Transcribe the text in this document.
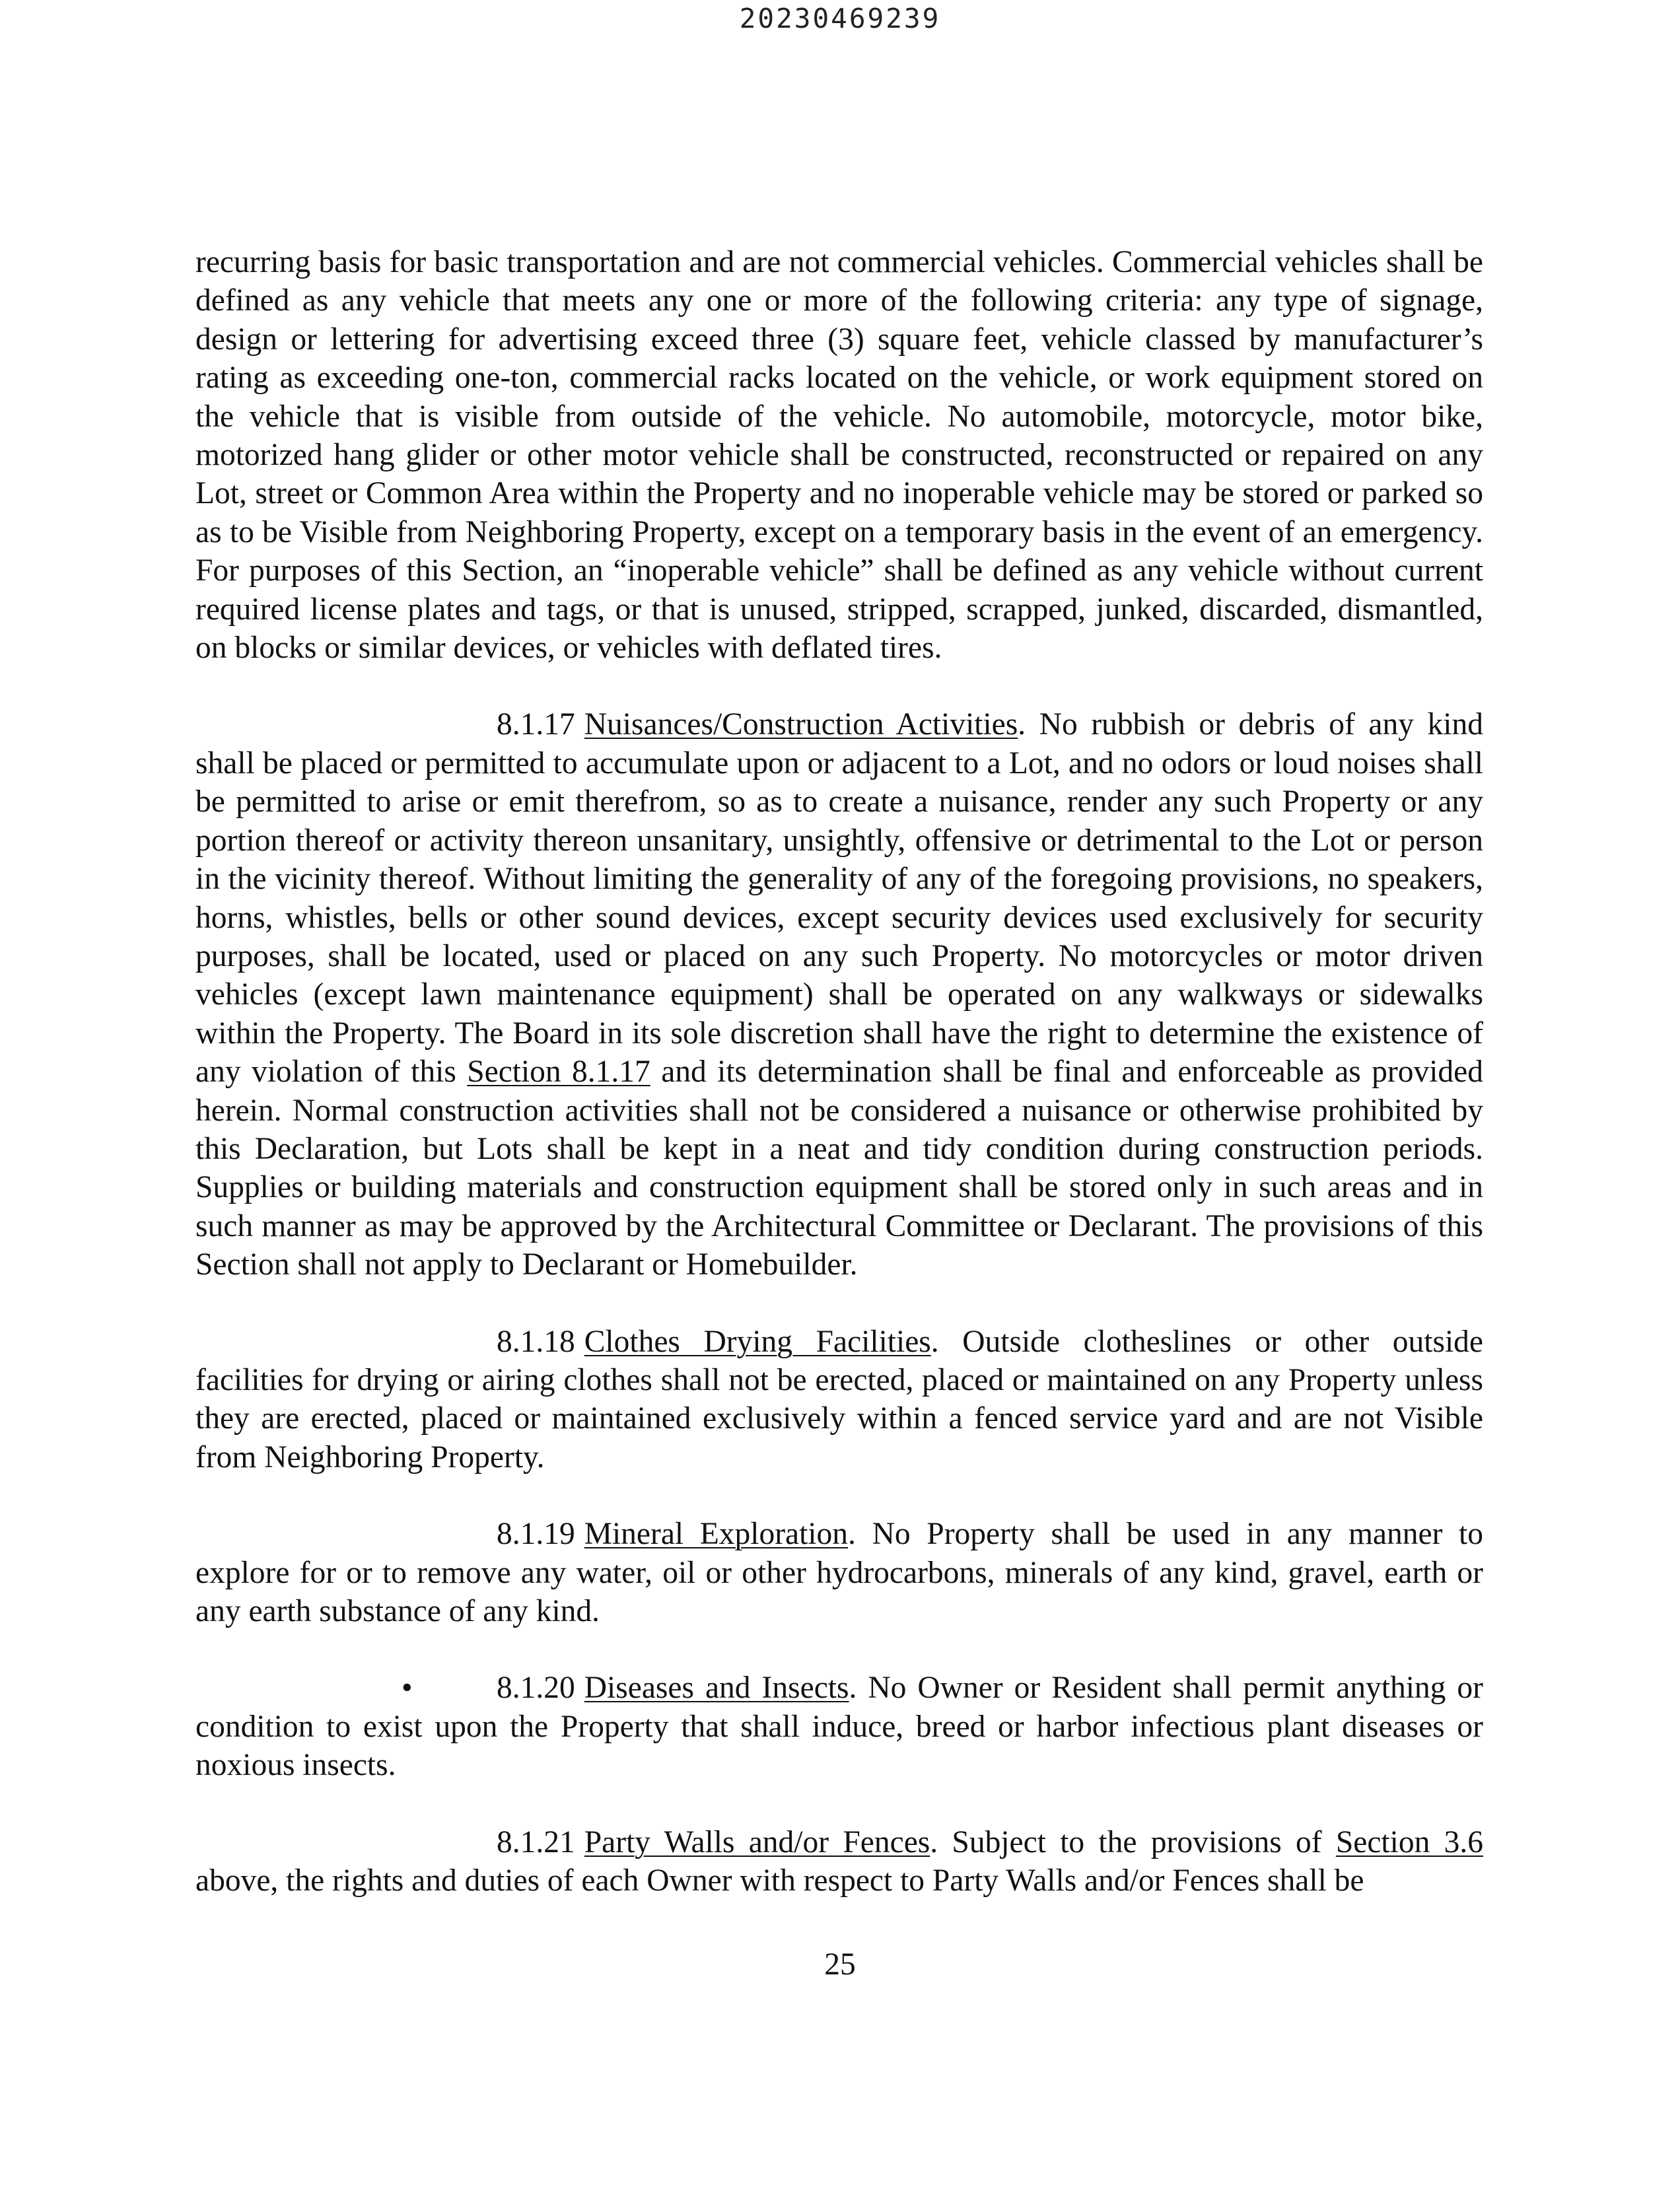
20230469239

recurring basis for basic transportation and are not commercial vehicles. Commercial vehicles shall be defined as any vehicle that meets any one or more of the following criteria: any type of signage, design or lettering for advertising exceed three (3) square feet, vehicle classed by manufacturer’s rating as exceeding one-ton, commercial racks located on the vehicle, or work equipment stored on the vehicle that is visible from outside of the vehicle. No automobile, motorcycle, motor bike, motorized hang glider or other motor vehicle shall be constructed, reconstructed or repaired on any Lot, street or Common Area within the Property and no inoperable vehicle may be stored or parked so as to be Visible from Neighboring Property, except on a temporary basis in the event of an emergency. For purposes of this Section, an “inoperable vehicle” shall be defined as any vehicle without current required license plates and tags, or that is unused, stripped, scrapped, junked, discarded, dismantled, on blocks or similar devices, or vehicles with deflated tires.

8.1.17 Nuisances/Construction Activities. No rubbish or debris of any kind shall be placed or permitted to accumulate upon or adjacent to a Lot, and no odors or loud noises shall be permitted to arise or emit therefrom, so as to create a nuisance, render any such Property or any portion thereof or activity thereon unsanitary, unsightly, offensive or detrimental to the Lot or person in the vicinity thereof. Without limiting the generality of any of the foregoing provisions, no speakers, horns, whistles, bells or other sound devices, except security devices used exclusively for security purposes, shall be located, used or placed on any such Property. No motorcycles or motor driven vehicles (except lawn maintenance equipment) shall be operated on any walkways or sidewalks within the Property. The Board in its sole discretion shall have the right to determine the existence of any violation of this Section 8.1.17 and its determination shall be final and enforceable as provided herein. Normal construction activities shall not be considered a nuisance or otherwise prohibited by this Declaration, but Lots shall be kept in a neat and tidy condition during construction periods. Supplies or building materials and construction equipment shall be stored only in such areas and in such manner as may be approved by the Architectural Committee or Declarant. The provisions of this Section shall not apply to Declarant or Homebuilder.

8.1.18 Clothes Drying Facilities. Outside clotheslines or other outside facilities for drying or airing clothes shall not be erected, placed or maintained on any Property unless they are erected, placed or maintained exclusively within a fenced service yard and are not Visible from Neighboring Property.

8.1.19 Mineral Exploration. No Property shall be used in any manner to explore for or to remove any water, oil or other hydrocarbons, minerals of any kind, gravel, earth or any earth substance of any kind.

•	8.1.20 Diseases and Insects. No Owner or Resident shall permit anything or condition to exist upon the Property that shall induce, breed or harbor infectious plant diseases or noxious insects.

8.1.21 Party Walls and/or Fences. Subject to the provisions of Section 3.6 above, the rights and duties of each Owner with respect to Party Walls and/or Fences shall be

25
